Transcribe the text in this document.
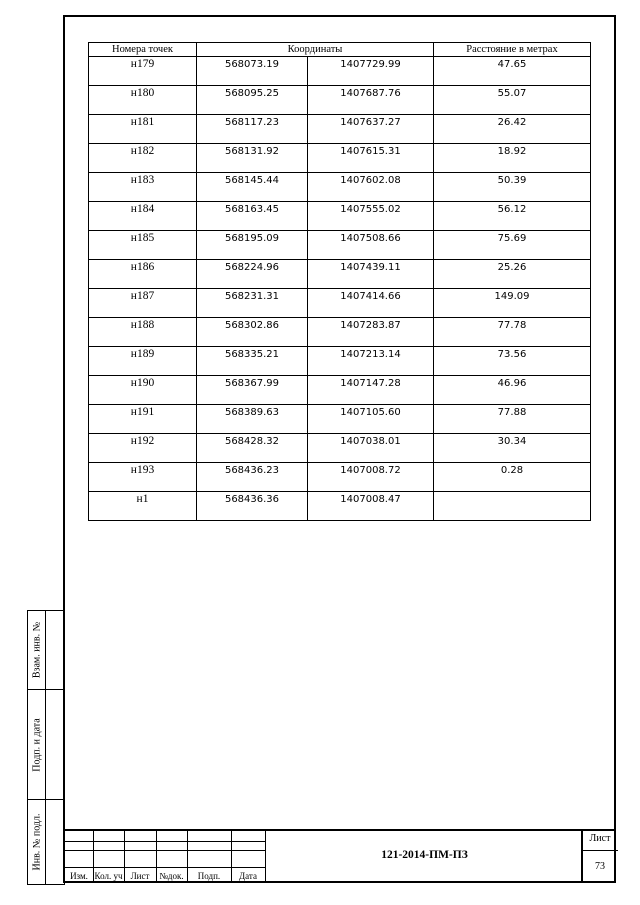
Номера точек	Координаты		Расстояние в метрах
н179	568073.19	1407729.99	47.65
н180	568095.25	1407687.76	55.07
н181	568117.23	1407637.27	26.42
н182	568131.92	1407615.31	18.92
н183	568145.44	1407602.08	50.39
н184	568163.45	1407555.02	56.12
н185	568195.09	1407508.66	75.69
н186	568224.96	1407439.11	25.26
н187	568231.31	1407414.66	149.09
н188	568302.86	1407283.87	77.78
н189	568335.21	1407213.14	73.56
н190	568367.99	1407147.28	46.96
н191	568389.63	1407105.60	77.88
н192	568428.32	1407038.01	30.34
н193	568436.23	1407008.72	0.28
н1	568436.36	1407008.47	
Взам. инв. №
Подп. и дата
Инв. № подл.
Изм. Кол. уч Лист	№док.	Подп.	Дата
121-2014-ПМ-ПЗ
Лист
73
